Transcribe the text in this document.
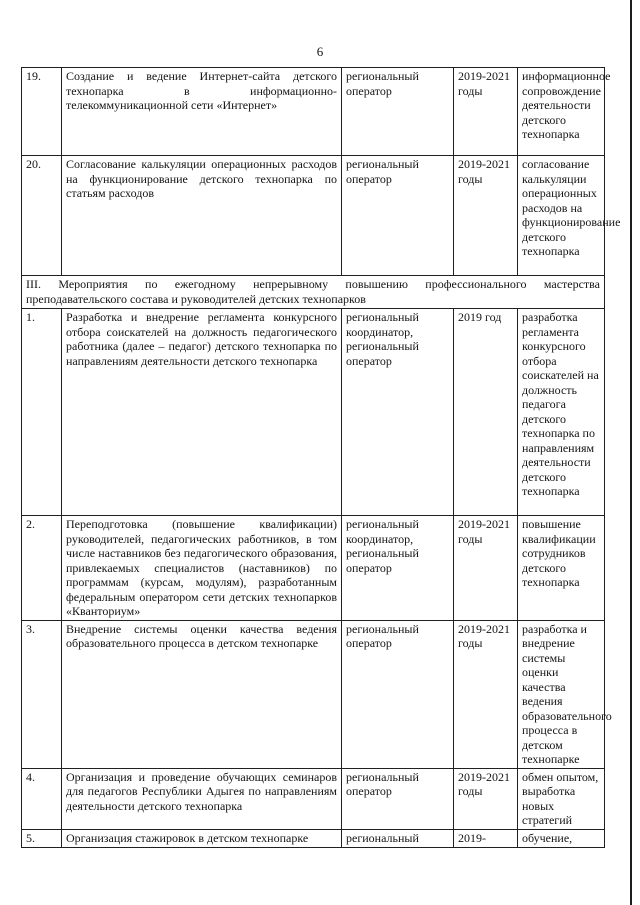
6
19.	Создание и ведение Интернет-сайта детского технопарка в информационно-телекоммуникационной сети «Интернет»	региональный оператор	2019-2021 годы	информационное сопровождение деятельности детского технопарка
20.	Согласование калькуляции операционных расходов на функционирование детского технопарка по статьям расходов	региональный оператор	2019-2021 годы	согласование калькуляции операционных расходов на функционирование детского технопарка
III. Мероприятия по ежегодному непрерывному повышению профессионального мастерства преподавательского состава и руководителей детских технопарков				
1.	Разработка и внедрение регламента конкурсного отбора соискателей на должность педагогического работника (далее – педагог) детского технопарка по направлениям деятельности детского технопарка	региональный координатор, региональный оператор	2019 год	разработка регламента конкурсного отбора соискателей на должность педагога детского технопарка по направлениям деятельности детского технопарка
2.	Переподготовка (повышение квалификации) руководителей, педагогических работников, в том числе наставников без педагогического образования, привлекаемых специалистов (наставников) по программам (курсам, модулям), разработанным федеральным оператором сети детских технопарков «Кванториум»	региональный координатор, региональный оператор	2019-2021 годы	повышение квалификации сотрудников детского технопарка
3.	Внедрение системы оценки качества ведения образовательного процесса в детском технопарке	региональный оператор	2019-2021 годы	разработка и внедрение системы оценки качества ведения образовательного процесса в детском технопарке
4.	Организация и проведение обучающих семинаров для педагогов Республики Адыгея по направлениям деятельности детского технопарка	региональный оператор	2019-2021 годы	обмен опытом, выработка новых стратегий
5.	Организация стажировок в детском технопарке	региональный	2019-	обучение,
